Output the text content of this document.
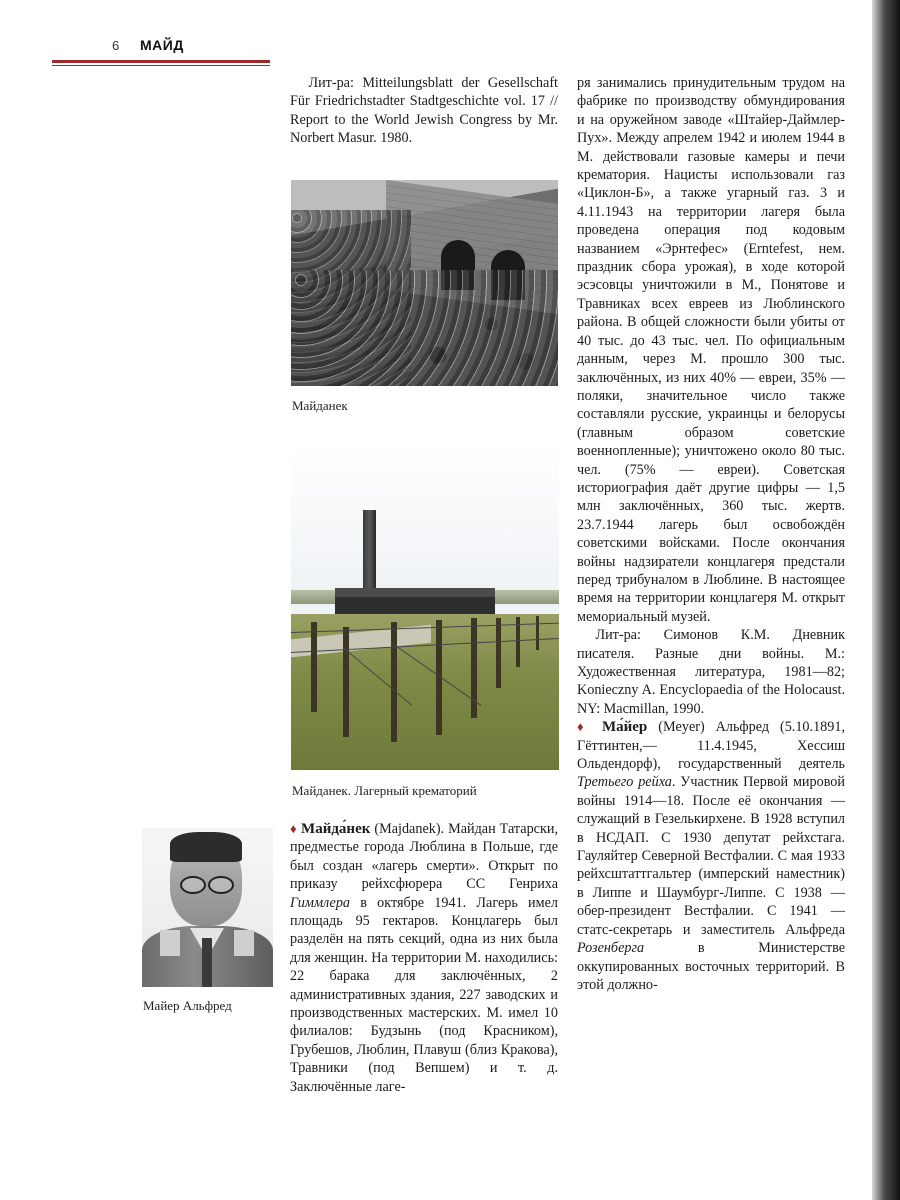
6 МАЙД

Лит-ра: Mitteilungsblatt der Gesellschaft Für Friedrichstadter Stadtgeschichte vol. 17 // Report to the World Jewish Congress by Mr. Norbert Masur. 1980.

Майданек
Майданек. Лагерный крематорий
Майер Альфред

♦ Майда́нек (Majdanek). Майдан Татарски, предместье города Люблина в Польше, где был создан «лагерь смерти». Открыт по приказу рейхсфюрера СС Генриха Гиммлера в октябре 1941. Лагерь имел площадь 95 гектаров. Концлагерь был разделён на пять секций, одна из них была для женщин. На территории М. находились: 22 барака для заключённых, 2 административных здания, 227 заводских и производственных мастерских. М. имел 10 филиалов: Будзынь (под Красником), Грубешов, Люблин, Плавуш (близ Кракова), Травники (под Вепшем) и т. д. Заключённые лаге-

ря занимались принудительным трудом на фабрике по производству обмундирования и на оружейном заводе «Штайер-Даймлер-Пух». Между апрелем 1942 и июлем 1944 в М. действовали газовые камеры и печи крематория. Нацисты использовали газ «Циклон-Б», а также угарный газ. 3 и 4.11.1943 на территории лагеря была проведена операция под кодовым названием «Эрнтефес» (Erntefest, нем. праздник сбора урожая), в ходе которой эсэсовцы уничтожили в М., Понятове и Травниках всех евреев из Люблинского района. В общей сложности были убиты от 40 тыс. до 43 тыс. чел. По официальным данным, через М. прошло 300 тыс. заключённых, из них 40% — евреи, 35% — поляки, значительное число также составляли русские, украинцы и белорусы (главным образом советские военнопленные); уничтожено около 80 тыс. чел. (75% — евреи). Советская историография даёт другие цифры — 1,5 млн заключённых, 360 тыс. жертв. 23.7.1944 лагерь был освобождён советскими войсками. После окончания войны надзиратели концлагеря предстали перед трибуналом в Люблине. В настоящее время на территории концлагеря М. открыт мемориальный музей.

Лит-ра: Симонов К.М. Дневник писателя. Разные дни войны. М.: Художественная литература, 1981—82; Konieczny A. Encyclopaedia of the Holocaust. NY: Macmillan, 1990.

♦ Ма́йер (Meyer) Альфред (5.10.1891, Гёттинтен,— 11.4.1945, Хессиш Ольдендорф), государственный деятель Третьего рейха. Участник Первой мировой войны 1914—18. После её окончания — служащий в Гезелькирхене. В 1928 вступил в НСДАП. С 1930 депутат рейхстага. Гауляйтер Северной Вестфалии. С мая 1933 рейхсштаттгальтер (имперский наместник) в Липпе и Шаумбург-Липпе. С 1938 — обер-президент Вестфалии. С 1941 — статс-секретарь и заместитель Альфреда Розенберга в Министерстве оккупированных восточных территорий. В этой должно-
